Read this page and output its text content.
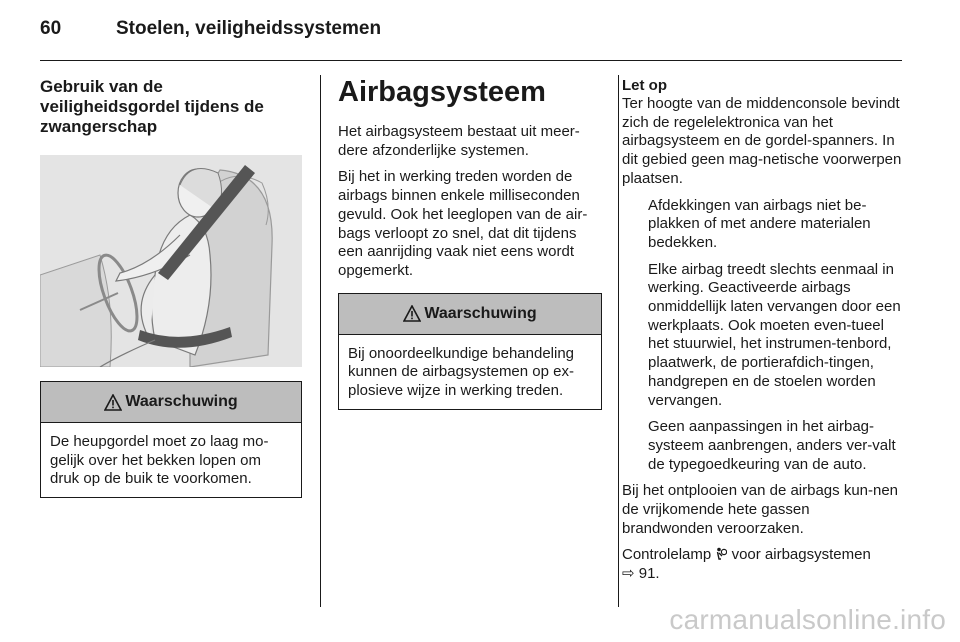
60	Stoelen, veiligheidssystemen
Gebruik van de
veiligheidsgordel tijdens de
zwangerschap
Waarschuwing

De heupgordel moet zo laag mo-gelijk over het bekken lopen om druk op de buik te voorkomen.

Airbagsysteem

Het airbagsysteem bestaat uit meer-dere afzonderlijke systemen.

Bij het in werking treden worden de airbags binnen enkele milliseconden gevuld. Ook het leeglopen van de air-bags verloopt zo snel, dat dit tijdens een aanrijding vaak niet eens wordt opgemerkt.

Waarschuwing

Bij onoordeelkundige behandeling kunnen de airbagsystemen op ex-plosieve wijze in werking treden.

Let op

Ter hoogte van de middenconsole bevindt zich de regelelektronica van het airbagsysteem en de gordel-spanners. In dit gebied geen mag-netische voorwerpen plaatsen.

Afdekkingen van airbags niet be-plakken of met andere materialen bedekken.

Elke airbag treedt slechts eenmaal in werking. Geactiveerde airbags onmiddellijk laten vervangen door een werkplaats. Ook moeten even-tueel het stuurwiel, het instrumen-tenbord, plaatwerk, de portierafdich-tingen, handgrepen en de stoelen worden vervangen.

Geen aanpassingen in het airbag-systeem aanbrengen, anders ver-valt de typegoedkeuring van de auto.

Bij het ontplooien van de airbags kun-nen de vrijkomende hete gassen brandwonden veroorzaken.

Controlelamp voor airbagsystemen
⇨ 91.

carmanualsonline.info
